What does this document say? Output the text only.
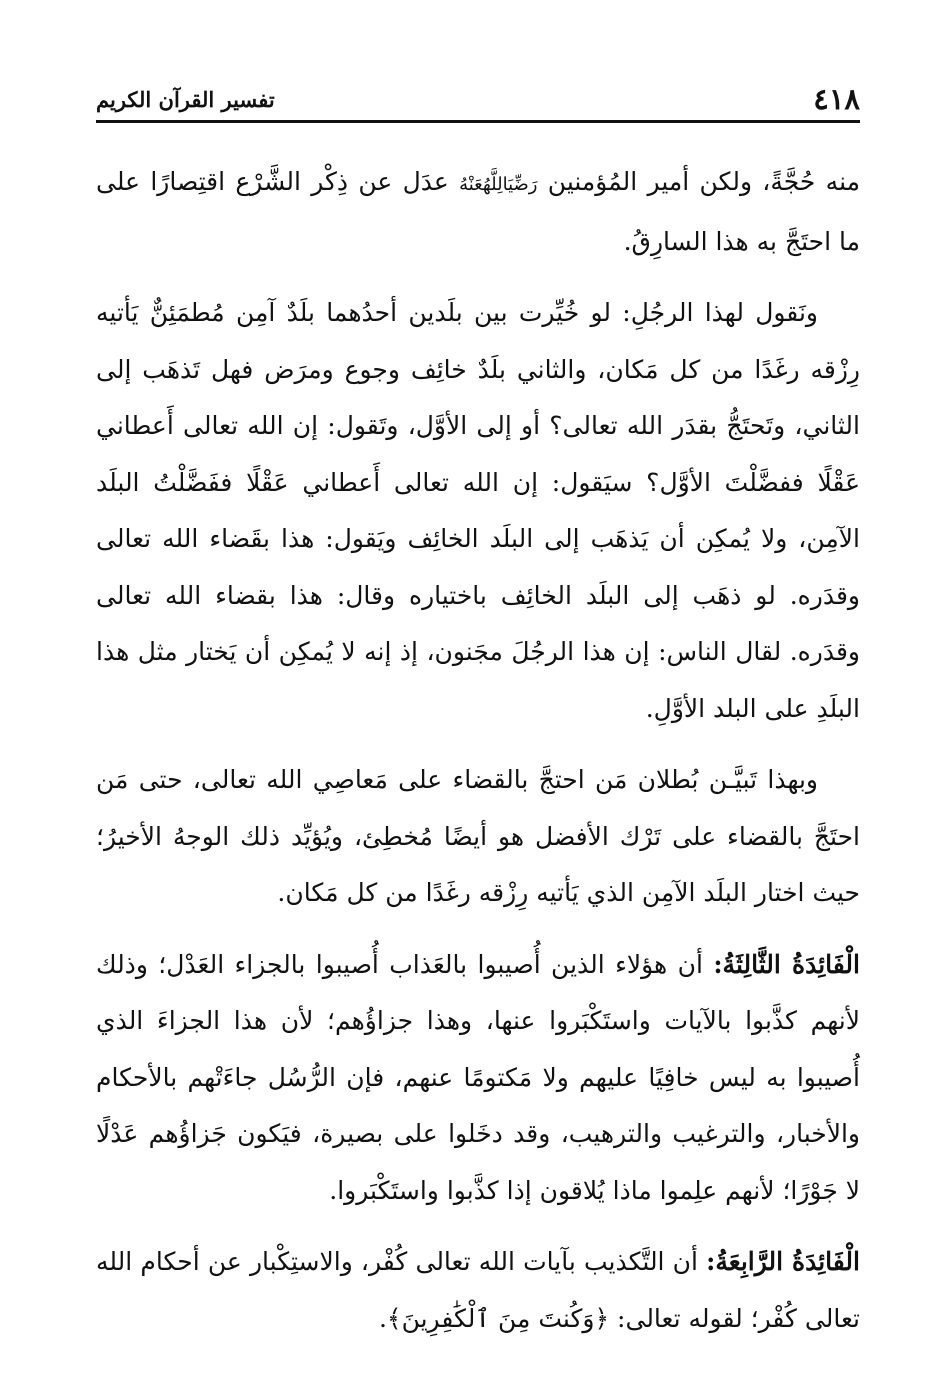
٤١٨
تفسير القرآن الكريم

منه حُجَّةً، ولكن أمير المُؤمنين رَضِّيَالِلَّهُعَنْهُ عدَل عن ذِكْر الشَّرْع اقتِصارًا على ما احتَجَّ به هذا السارِقُ.

ونَقول لهذا الرجُلِ: لو خُيِّرت بين بلَدين أحدُهما بلَدٌ آمِن مُطمَئِنٌّ يَأتيه رِزْقه رغَدًا من كل مَكان، والثاني بلَدٌ خائِف وجوع ومرَض فهل تَذهَب إلى الثاني، وتَحتَجُّ بقدَر الله تعالى؟ أو إلى الأوَّل، وتَقول: إن الله تعالى أَعطاني عَقْلًا ففضَّلْتَ الأوَّل؟ سيَقول: إن الله تعالى أَعطاني عَقْلًا ففَضَّلْتُ البلَد الآمِن، ولا يُمكِن أن يَذهَب إلى البلَد الخائِف ويَقول: هذا بقَضاء الله تعالى وقدَره. لو ذهَب إلى البلَد الخائِف باختياره وقال: هذا بقضاء الله تعالى وقدَره. لقال الناس: إن هذا الرجُلَ مجَنون، إذ إنه لا يُمكِن أن يَختار مثل هذا البلَدِ على البلد الأوَّلِ.

وبهذا تَبيَّـن بُطلان مَن احتجَّ بالقضاء على مَعاصِي الله تعالى، حتى مَن احتَجَّ بالقضاء على تَرْك الأفضل هو أيضًا مُخطِئ، ويُؤيِّد ذلك الوجهُ الأخيرُ؛ حيث اختار البلَد الآمِن الذي يَأتيه رِزْقه رغَدًا من كل مَكان.

الْفَائِدَةُ الثَّالِثَةُ: أن هؤلاء الذين أُصيبوا بالعَذاب أُصيبوا بالجزاء العَدْل؛ وذلك لأنهم كذَّبوا بالآيات واستَكْبَروا عنها، وهذا جزاؤُهم؛ لأن هذا الجزاءَ الذي أُصيبوا به ليس خافِيًا عليهم ولا مَكتومًا عنهم، فإن الرُّسُل جاءَتْهم بالأحكام والأخبار، والترغيب والترهيب، وقد دخَلوا على بصيرة، فيَكون جَزاؤُهم عَدْلًا لا جَوْرًا؛ لأنهم علِموا ماذا يُلاقون إذا كذَّبوا واستَكْبَروا.

الْفَائِدَةُ الرَّابِعَةُ: أن التَّكذيب بآيات الله تعالى كُفْر، والاستِكْبار عن أحكام الله تعالى كُفْر؛ لقوله تعالى: ﴿وَكُنتَ مِنَ ٱلْكَٰفِرِينَ﴾.
